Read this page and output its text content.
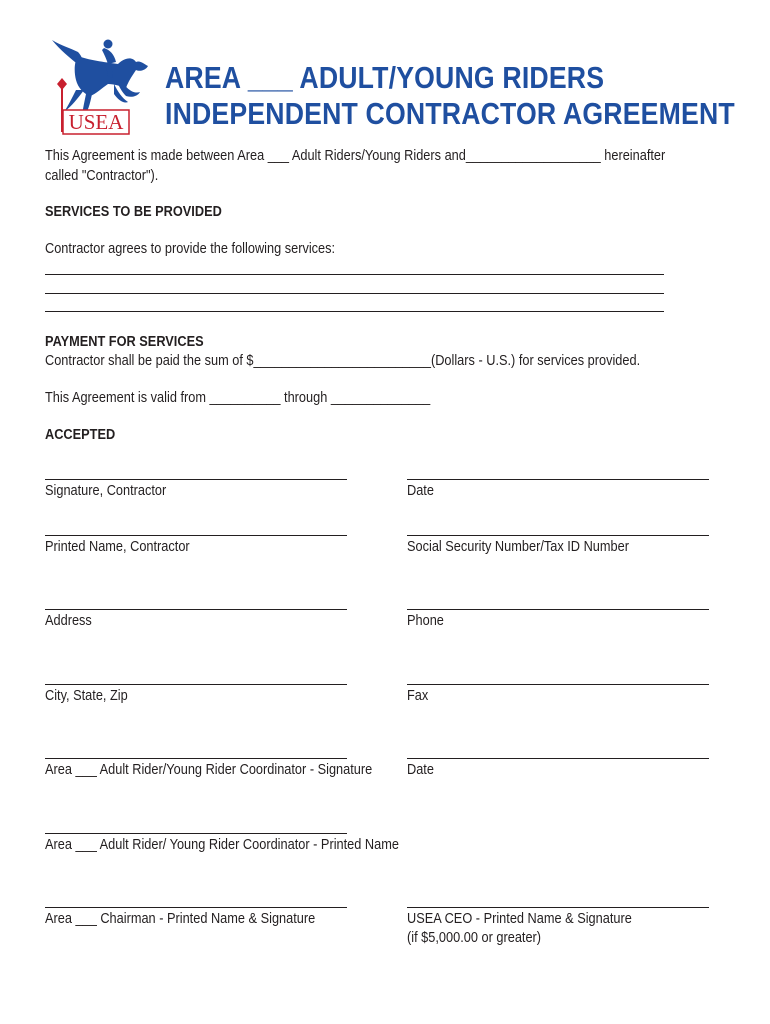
USEA
AREA ___ ADULT/YOUNG RIDERS
INDEPENDENT CONTRACTOR AGREEMENT
This Agreement is made between Area ___ Adult Riders/Young Riders and___________________ hereinafter
called "Contractor").
SERVICES TO BE PROVIDED
Contractor agrees to provide the following services:
PAYMENT FOR SERVICES
Contractor shall be paid the sum of $_________________________(Dollars - U.S.) for services provided.
This Agreement is valid from __________ through ______________
ACCEPTED
Signature, Contractor	Date
Printed Name, Contractor	Social Security Number/Tax ID Number
Address	Phone
City, State, Zip	Fax
Area ___ Adult Rider/Young Rider Coordinator - Signature Date
Area ___ Adult Rider/ Young Rider Coordinator - Printed Name
Area ___ Chairman - Printed Name & Signature	USEA CEO - Printed Name & Signature
(if $5,000.00 or greater)
